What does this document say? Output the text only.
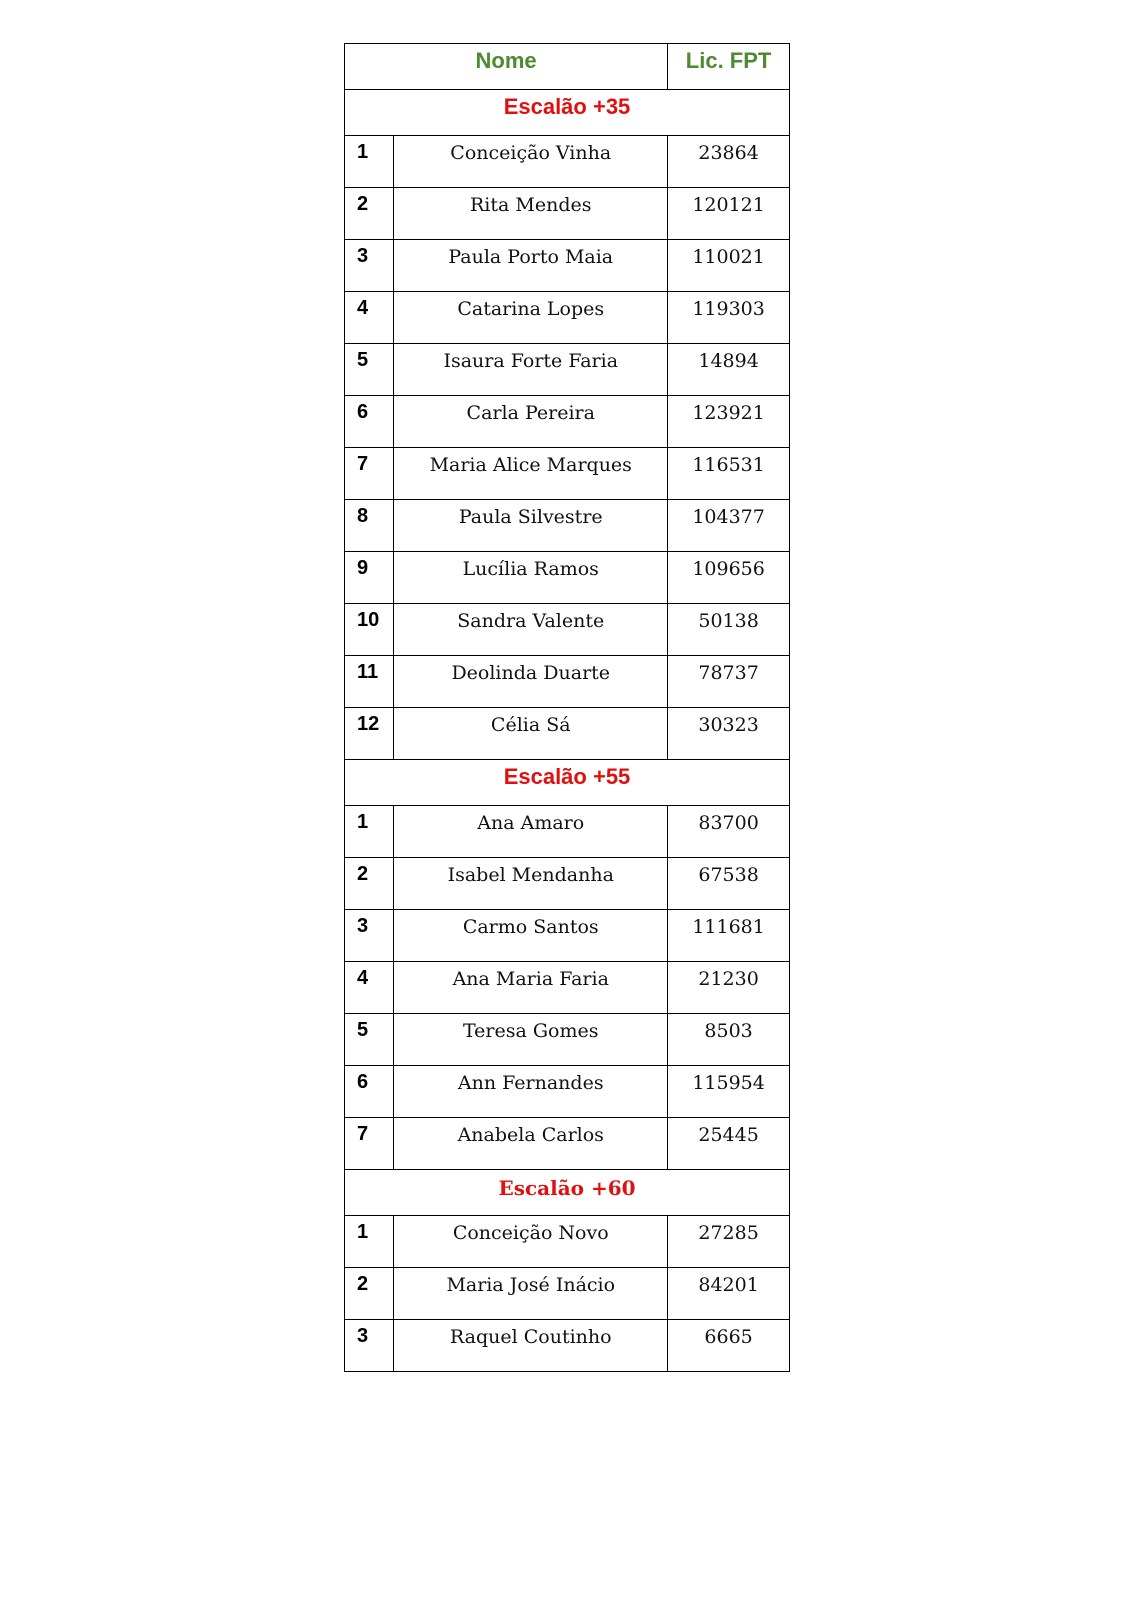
Nome		Lic. FPT

Escalão +35		

1	Conceição Vinha	23864
2	Rita Mendes	120121
3	Paula Porto Maia	110021
4	Catarina Lopes	119303
5	Isaura Forte Faria	14894
6	Carla Pereira	123921
7	Maria Alice Marques	116531
8	Paula Silvestre	104377
9	Lucília Ramos	109656
10	Sandra Valente	50138
11	Deolinda Duarte	78737
12	Célia Sá	30323

Escalão +55		

1	Ana Amaro	83700
2	Isabel Mendanha	67538
3	Carmo Santos	111681
4	Ana Maria Faria	21230
5	Teresa Gomes	8503
6	Ann Fernandes	115954
7	Anabela Carlos	25445

Escalão +60		

1	Conceição Novo	27285
2	Maria José Inácio	84201
3	Raquel Coutinho	6665
